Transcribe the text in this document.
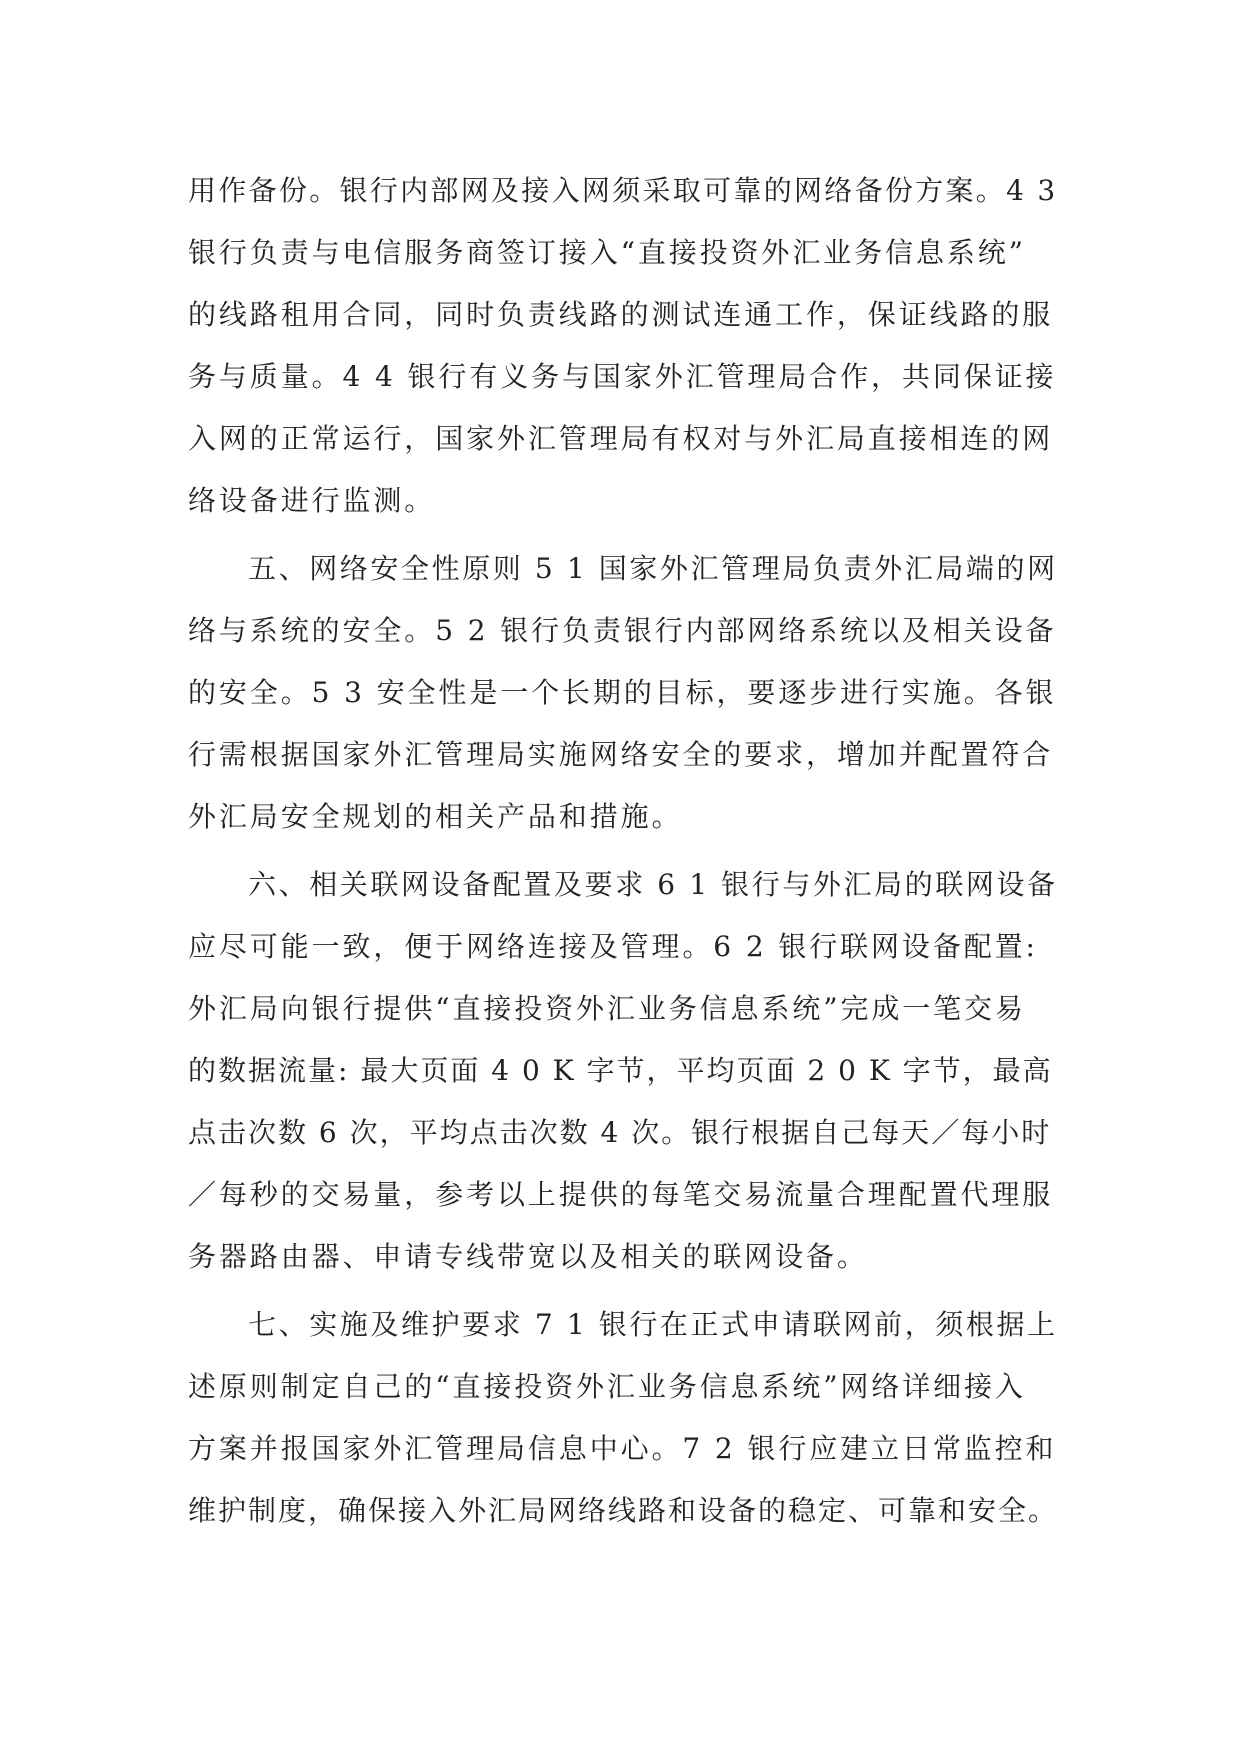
用作备份。银行内部网及接入网须采取可靠的网络备份方案。4 3
银行负责与电信服务商签订接入“直接投资外汇业务信息系统”
的线路租用合同，同时负责线路的测试连通工作，保证线路的服
务与质量。4 4 银行有义务与国家外汇管理局合作，共同保证接
入网的正常运行，国家外汇管理局有权对与外汇局直接相连的网
络设备进行监测。
五、网络安全性原则 5 1 国家外汇管理局负责外汇局端的网
络与系统的安全。5 2 银行负责银行内部网络系统以及相关设备
的安全。5 3 安全性是一个长期的目标，要逐步进行实施。各银
行需根据国家外汇管理局实施网络安全的要求，增加并配置符合
外汇局安全规划的相关产品和措施。
六、相关联网设备配置及要求 6 1 银行与外汇局的联网设备
应尽可能一致，便于网络连接及管理。6 2 银行联网设备配置:
外汇局向银行提供“直接投资外汇业务信息系统”完成一笔交易
的数据流量: 最大页面 4 0 K 字节，平均页面 2 0 K 字节，最高
点击次数 6 次，平均点击次数 4 次。银行根据自己每天／每小时
／每秒的交易量，参考以上提供的每笔交易流量合理配置代理服
务器路由器、申请专线带宽以及相关的联网设备。
七、实施及维护要求 7 1 银行在正式申请联网前，须根据上
述原则制定自己的“直接投资外汇业务信息系统”网络详细接入
方案并报国家外汇管理局信息中心。7 2 银行应建立日常监控和
维护制度，确保接入外汇局网络线路和设备的稳定、可靠和安全。
